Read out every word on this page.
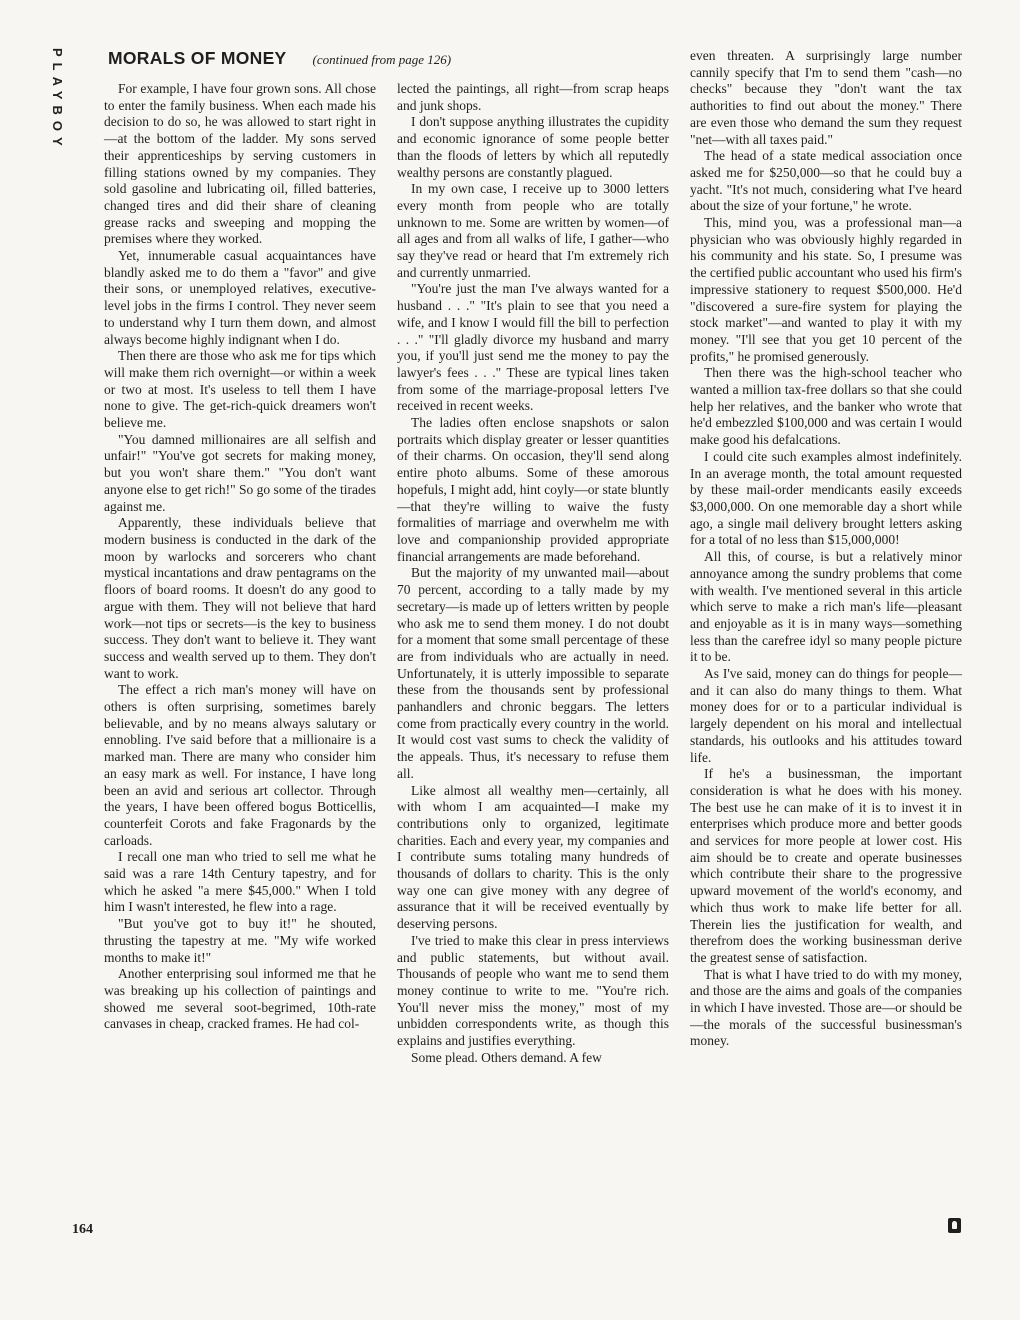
PLAYBOY
164
MORALS OF MONEY (continued from page 126)

For example, I have four grown sons. All chose to enter the family business. When each made his decision to do so, he was allowed to start right in—at the bottom of the ladder. My sons served their apprenticeships by serving customers in filling stations owned by my companies. They sold gasoline and lubricating oil, filled batteries, changed tires and did their share of cleaning grease racks and sweeping and mopping the premises where they worked.

Yet, innumerable casual acquaintances have blandly asked me to do them a "favor" and give their sons, or unemployed relatives, executive-level jobs in the firms I control. They never seem to understand why I turn them down, and almost always become highly indignant when I do.

Then there are those who ask me for tips which will make them rich overnight—or within a week or two at most. It's useless to tell them I have none to give. The get-rich-quick dreamers won't believe me.

"You damned millionaires are all selfish and unfair!" "You've got secrets for making money, but you won't share them." "You don't want anyone else to get rich!" So go some of the tirades against me.

Apparently, these individuals believe that modern business is conducted in the dark of the moon by warlocks and sorcerers who chant mystical incantations and draw pentagrams on the floors of board rooms. It doesn't do any good to argue with them. They will not believe that hard work—not tips or secrets—is the key to business success. They don't want to believe it. They want success and wealth served up to them. They don't want to work.

The effect a rich man's money will have on others is often surprising, sometimes barely believable, and by no means always salutary or ennobling. I've said before that a millionaire is a marked man. There are many who consider him an easy mark as well. For instance, I have long been an avid and serious art collector. Through the years, I have been offered bogus Botticellis, counterfeit Corots and fake Fragonards by the carloads.

I recall one man who tried to sell me what he said was a rare 14th Century tapestry, and for which he asked "a mere $45,000." When I told him I wasn't interested, he flew into a rage.

"But you've got to buy it!" he shouted, thrusting the tapestry at me. "My wife worked months to make it!"

Another enterprising soul informed me that he was breaking up his collection of paintings and showed me several soot-begrimed, 10th-rate canvases in cheap, cracked frames. He had col-

lected the paintings, all right—from scrap heaps and junk shops.

I don't suppose anything illustrates the cupidity and economic ignorance of some people better than the floods of letters by which all reputedly wealthy persons are constantly plagued.

In my own case, I receive up to 3000 letters every month from people who are totally unknown to me. Some are written by women—of all ages and from all walks of life, I gather—who say they've read or heard that I'm extremely rich and currently unmarried.

"You're just the man I've always wanted for a husband . . ." "It's plain to see that you need a wife, and I know I would fill the bill to perfection . . ." "I'll gladly divorce my husband and marry you, if you'll just send me the money to pay the lawyer's fees . . ." These are typical lines taken from some of the marriage-proposal letters I've received in recent weeks.

The ladies often enclose snapshots or salon portraits which display greater or lesser quantities of their charms. On occasion, they'll send along entire photo albums. Some of these amorous hopefuls, I might add, hint coyly—or state bluntly—that they're willing to waive the fusty formalities of marriage and overwhelm me with love and companionship provided appropriate financial arrangements are made beforehand.

But the majority of my unwanted mail—about 70 percent, according to a tally made by my secretary—is made up of letters written by people who ask me to send them money. I do not doubt for a moment that some small percentage of these are from individuals who are actually in need. Unfortunately, it is utterly impossible to separate these from the thousands sent by professional panhandlers and chronic beggars. The letters come from practically every country in the world. It would cost vast sums to check the validity of the appeals. Thus, it's necessary to refuse them all.

Like almost all wealthy men—certainly, all with whom I am acquainted—I make my contributions only to organized, legitimate charities. Each and every year, my companies and I contribute sums totaling many hundreds of thousands of dollars to charity. This is the only way one can give money with any degree of assurance that it will be received eventually by deserving persons.

I've tried to make this clear in press interviews and public statements, but without avail. Thousands of people who want me to send them money continue to write to me. "You're rich. You'll never miss the money," most of my unbidden correspondents write, as though this explains and justifies everything.

Some plead. Others demand. A few

even threaten. A surprisingly large number cannily specify that I'm to send them "cash—no checks" because they "don't want the tax authorities to find out about the money." There are even those who demand the sum they request "net—with all taxes paid."

The head of a state medical association once asked me for $250,000—so that he could buy a yacht. "It's not much, considering what I've heard about the size of your fortune," he wrote.

This, mind you, was a professional man—a physician who was obviously highly regarded in his community and his state. So, I presume was the certified public accountant who used his firm's impressive stationery to request $500,000. He'd "discovered a sure-fire system for playing the stock market"—and wanted to play it with my money. "I'll see that you get 10 percent of the profits," he promised generously.

Then there was the high-school teacher who wanted a million tax-free dollars so that she could help her relatives, and the banker who wrote that he'd embezzled $100,000 and was certain I would make good his defalcations.

I could cite such examples almost indefinitely. In an average month, the total amount requested by these mail-order mendicants easily exceeds $3,000,000. On one memorable day a short while ago, a single mail delivery brought letters asking for a total of no less than $15,000,000!

All this, of course, is but a relatively minor annoyance among the sundry problems that come with wealth. I've mentioned several in this article which serve to make a rich man's life—pleasant and enjoyable as it is in many ways—something less than the carefree idyl so many people picture it to be.

As I've said, money can do things for people—and it can also do many things to them. What money does for or to a particular individual is largely dependent on his moral and intellectual standards, his outlooks and his attitudes toward life.

If he's a businessman, the important consideration is what he does with his money. The best use he can make of it is to invest it in enterprises which produce more and better goods and services for more people at lower cost. His aim should be to create and operate businesses which contribute their share to the progressive upward movement of the world's economy, and which thus work to make life better for all. Therein lies the justification for wealth, and therefrom does the working businessman derive the greatest sense of satisfaction.

That is what I have tried to do with my money, and those are the aims and goals of the companies in which I have invested. Those are—or should be—the morals of the successful businessman's money.
